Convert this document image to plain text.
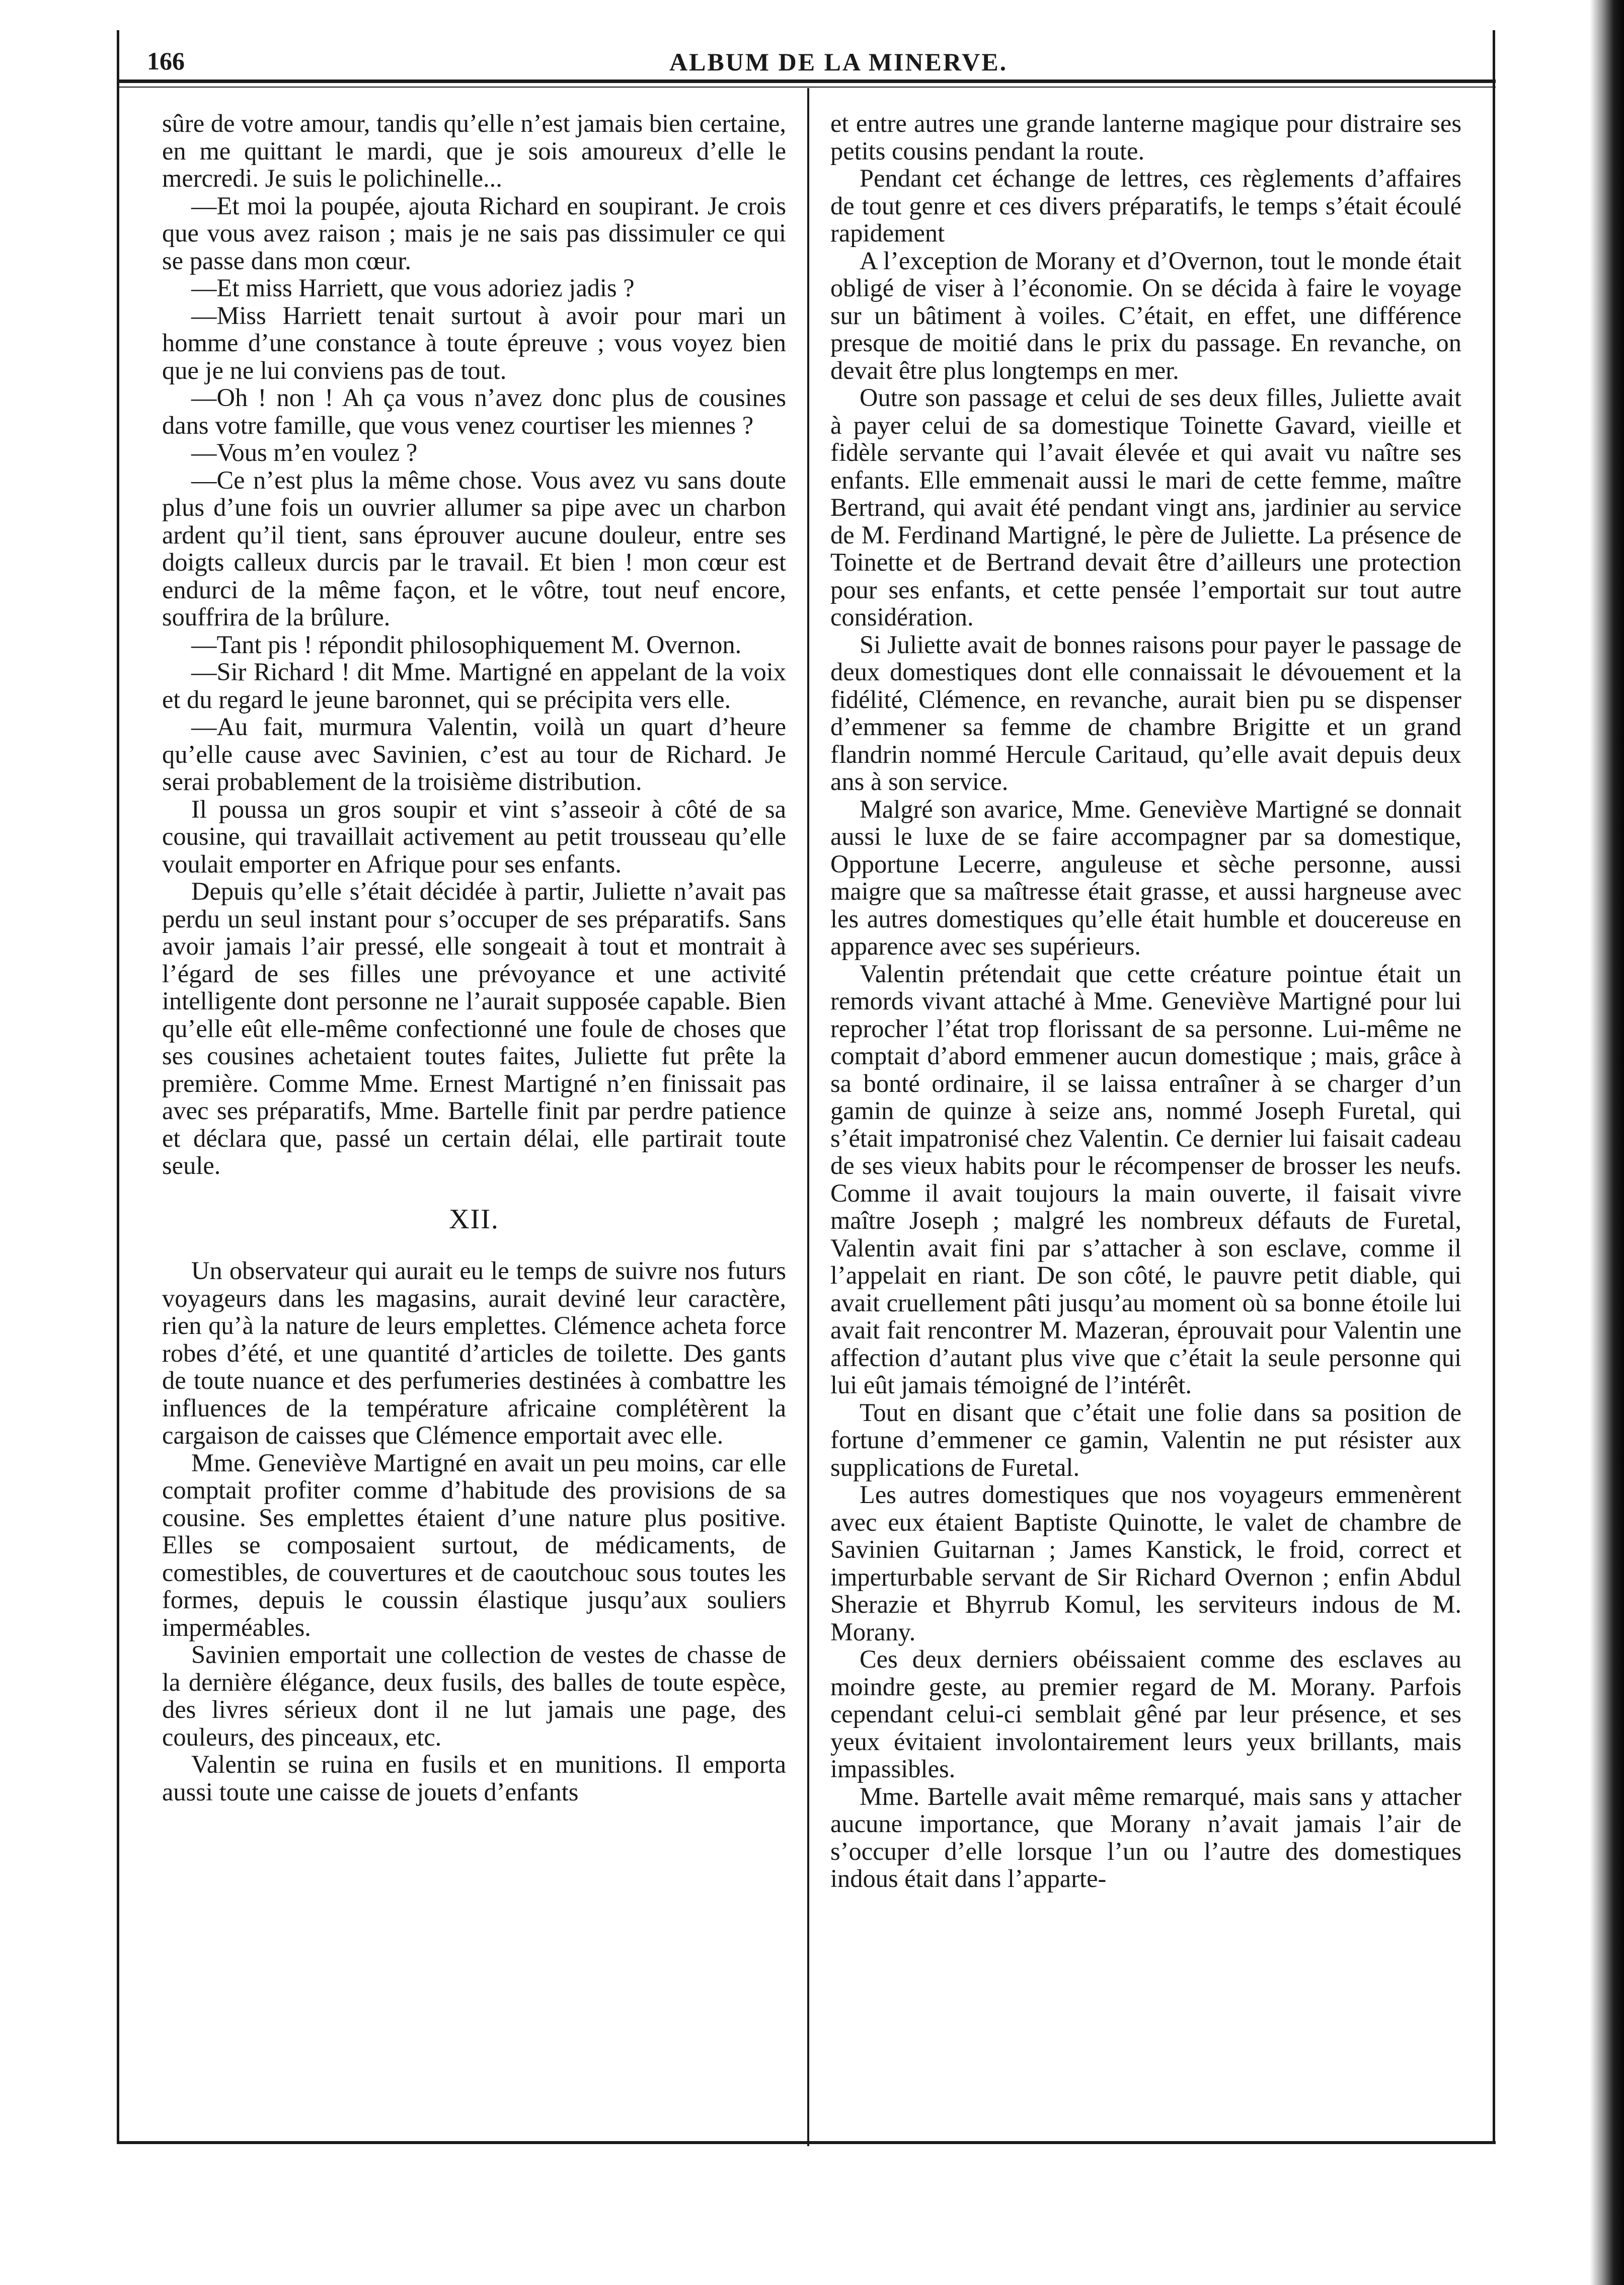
166	ALBUM DE LA MINERVE.

sûre de votre amour, tandis qu’elle n’est jamais bien certaine, en me quittant le mardi, que je sois amoureux d’elle le mercredi. Je suis le polichinelle...

—Et moi la poupée, ajouta Richard en soupirant. Je crois que vous avez raison ; mais je ne sais pas dissimuler ce qui se passe dans mon cœur.

—Et miss Harriett, que vous adoriez jadis ?

—Miss Harriett tenait surtout à avoir pour mari un homme d’une constance à toute épreuve ; vous voyez bien que je ne lui conviens pas de tout.

—Oh ! non ! Ah ça vous n’avez donc plus de cousines dans votre famille, que vous venez courtiser les miennes ?

—Vous m’en voulez ?

—Ce n’est plus la même chose. Vous avez vu sans doute plus d’une fois un ouvrier allumer sa pipe avec un charbon ardent qu’il tient, sans éprouver aucune douleur, entre ses doigts calleux durcis par le travail. Et bien ! mon cœur est endurci de la même façon, et le vôtre, tout neuf encore, souffrira de la brûlure.

—Tant pis ! répondit philosophiquement M. Overnon.

—Sir Richard ! dit Mme. Martigné en appelant de la voix et du regard le jeune baronnet, qui se précipita vers elle.

—Au fait, murmura Valentin, voilà un quart d’heure qu’elle cause avec Savinien, c’est au tour de Richard. Je serai probablement de la troisième distribution.

Il poussa un gros soupir et vint s’asseoir à côté de sa cousine, qui travaillait activement au petit trousseau qu’elle voulait emporter en Afrique pour ses enfants.

Depuis qu’elle s’était décidée à partir, Juliette n’avait pas perdu un seul instant pour s’occuper de ses préparatifs. Sans avoir jamais l’air pressé, elle songeait à tout et montrait à l’égard de ses filles une prévoyance et une activité intelligente dont personne ne l’aurait supposée capable. Bien qu’elle eût elle-même confectionné une foule de choses que ses cousines achetaient toutes faites, Juliette fut prête la première. Comme Mme. Ernest Martigné n’en finissait pas avec ses préparatifs, Mme. Bartelle finit par perdre patience et déclara que, passé un certain délai, elle partirait toute seule.

XII.

Un observateur qui aurait eu le temps de suivre nos futurs voyageurs dans les magasins, aurait deviné leur caractère, rien qu’à la nature de leurs emplettes. Clémence acheta force robes d’été, et une quantité d’articles de toilette. Des gants de toute nuance et des perfumeries destinées à combattre les influences de la température africaine complétèrent la cargaison de caisses que Clémence emportait avec elle.

Mme. Geneviève Martigné en avait un peu moins, car elle comptait profiter comme d’habitude des provisions de sa cousine. Ses emplettes étaient d’une nature plus positive. Elles se composaient surtout, de médicaments, de comestibles, de couvertures et de caoutchouc sous toutes les formes, depuis le coussin élastique jusqu’aux souliers imperméables.

Savinien emportait une collection de vestes de chasse de la dernière élégance, deux fusils, des balles de toute espèce, des livres sérieux dont il ne lut jamais une page, des couleurs, des pinceaux, etc.

Valentin se ruina en fusils et en munitions. Il emporta aussi toute une caisse de jouets d’enfants

et entre autres une grande lanterne magique pour distraire ses petits cousins pendant la route.

Pendant cet échange de lettres, ces règlements d’affaires de tout genre et ces divers préparatifs, le temps s’était écoulé rapidement

A l’exception de Morany et d’Overnon, tout le monde était obligé de viser à l’économie. On se décida à faire le voyage sur un bâtiment à voiles. C’était, en effet, une différence presque de moitié dans le prix du passage. En revanche, on devait être plus longtemps en mer.

Outre son passage et celui de ses deux filles, Juliette avait à payer celui de sa domestique Toinette Gavard, vieille et fidèle servante qui l’avait élevée et qui avait vu naître ses enfants. Elle emmenait aussi le mari de cette femme, maître Bertrand, qui avait été pendant vingt ans, jardinier au service de M. Ferdinand Martigné, le père de Juliette. La présence de Toinette et de Bertrand devait être d’ailleurs une protection pour ses enfants, et cette pensée l’emportait sur tout autre considération.

Si Juliette avait de bonnes raisons pour payer le passage de deux domestiques dont elle connaissait le dévouement et la fidélité, Clémence, en revanche, aurait bien pu se dispenser d’emmener sa femme de chambre Brigitte et un grand flandrin nommé Hercule Caritaud, qu’elle avait depuis deux ans à son service.

Malgré son avarice, Mme. Geneviève Martigné se donnait aussi le luxe de se faire accompagner par sa domestique, Opportune Lecerre, anguleuse et sèche personne, aussi maigre que sa maîtresse était grasse, et aussi hargneuse avec les autres domestiques qu’elle était humble et doucereuse en apparence avec ses supérieurs.

Valentin prétendait que cette créature pointue était un remords vivant attaché à Mme. Geneviève Martigné pour lui reprocher l’état trop florissant de sa personne. Lui-même ne comptait d’abord emmener aucun domestique ; mais, grâce à sa bonté ordinaire, il se laissa entraîner à se charger d’un gamin de quinze à seize ans, nommé Joseph Furetal, qui s’était impatronisé chez Valentin. Ce dernier lui faisait cadeau de ses vieux habits pour le récompenser de brosser les neufs. Comme il avait toujours la main ouverte, il faisait vivre maître Joseph ; malgré les nombreux défauts de Furetal, Valentin avait fini par s’attacher à son esclave, comme il l’appelait en riant. De son côté, le pauvre petit diable, qui avait cruellement pâti jusqu’au moment où sa bonne étoile lui avait fait rencontrer M. Mazeran, éprouvait pour Valentin une affection d’autant plus vive que c’était la seule personne qui lui eût jamais témoigné de l’intérêt.

Tout en disant que c’était une folie dans sa position de fortune d’emmener ce gamin, Valentin ne put résister aux supplications de Furetal.

Les autres domestiques que nos voyageurs emmenèrent avec eux étaient Baptiste Quinotte, le valet de chambre de Savinien Guitarnan ; James Kanstick, le froid, correct et imperturbable servant de Sir Richard Overnon ; enfin Abdul Sherazie et Bhyrrub Komul, les serviteurs indous de M. Morany.

Ces deux derniers obéissaient comme des esclaves au moindre geste, au premier regard de M. Morany. Parfois cependant celui-ci semblait gêné par leur présence, et ses yeux évitaient involontairement leurs yeux brillants, mais impassibles.

Mme. Bartelle avait même remarqué, mais sans y attacher aucune importance, que Morany n’avait jamais l’air de s’occuper d’elle lorsque l’un ou l’autre des domestiques indous était dans l’apparte-
